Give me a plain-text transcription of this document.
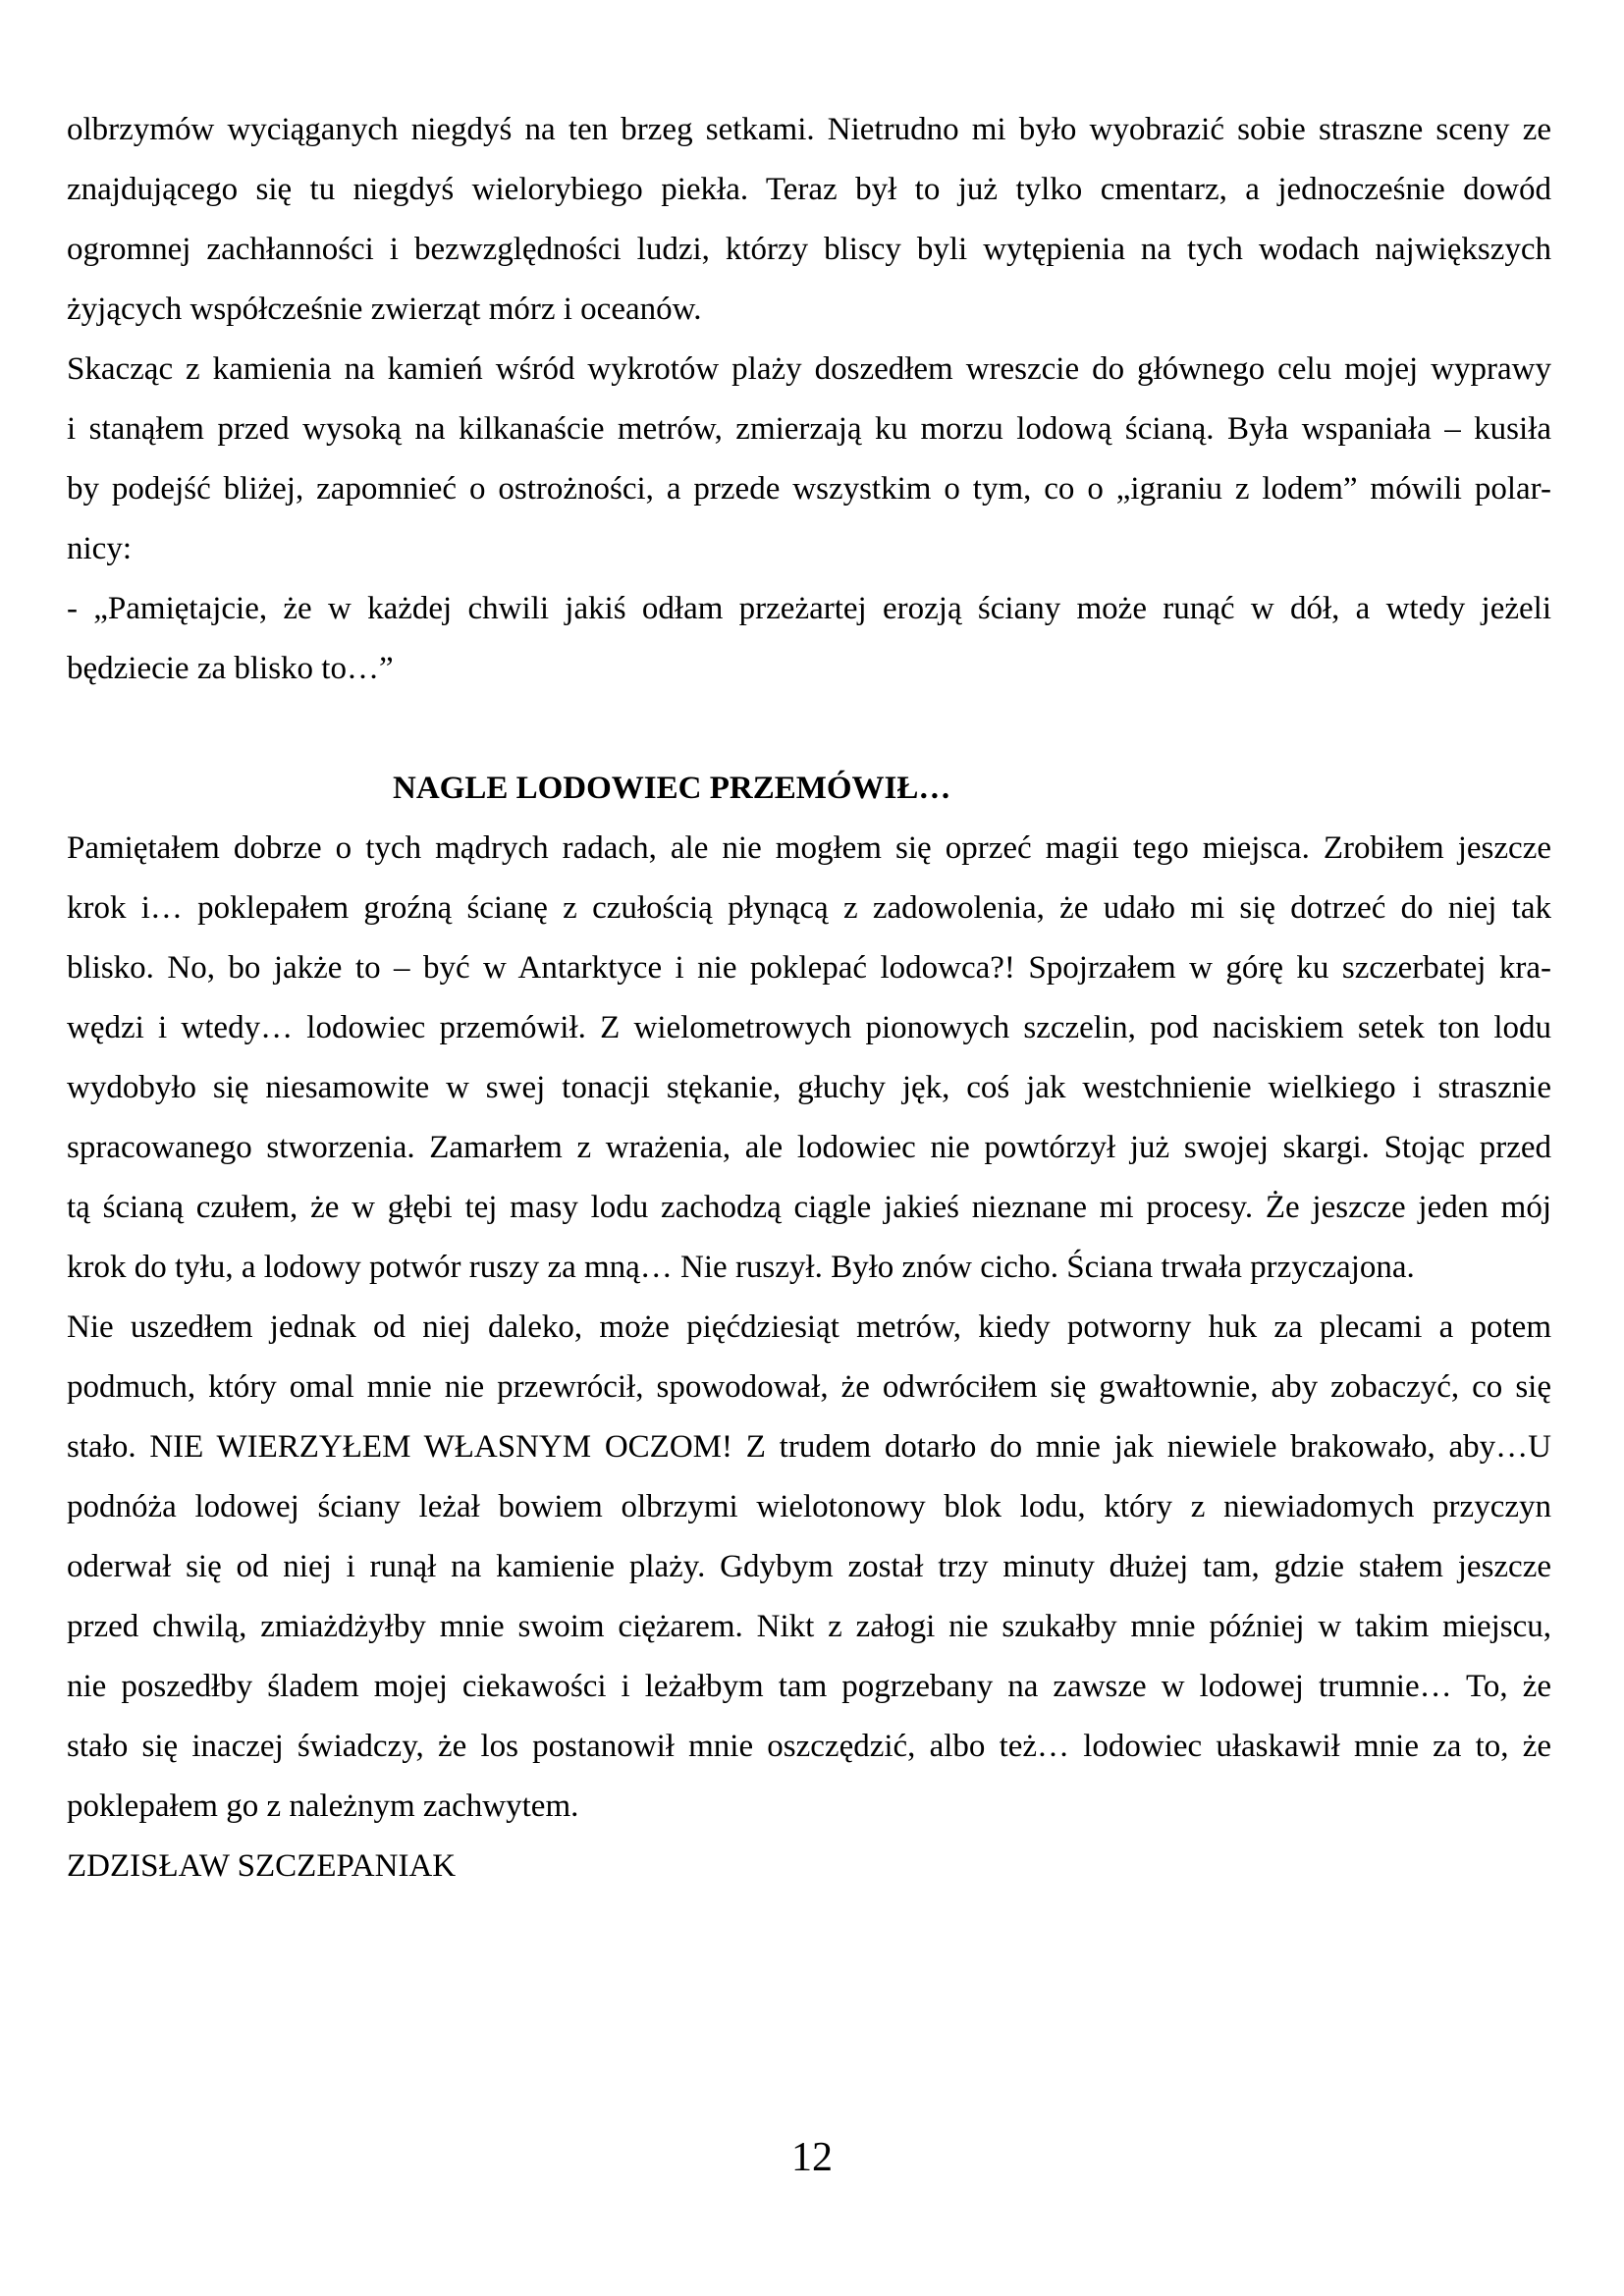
olbrzymów wyciąganych niegdyś na ten brzeg setkami. Nietrudno mi było wyobrazić sobie straszne sceny ze
znajdującego się tu niegdyś wielorybiego piekła. Teraz był to już tylko cmentarz, a jednocześnie dowód
ogromnej zachłanności i bezwzględności ludzi, którzy bliscy byli wytępienia na tych wodach największych
żyjących współcześnie zwierząt mórz i oceanów.
Skacząc z kamienia na kamień wśród wykrotów plaży doszedłem wreszcie do głównego celu mojej wyprawy
i stanąłem przed wysoką na kilkanaście metrów, zmierzają ku morzu lodową ścianą. Była wspaniała – kusiła
by podejść bliżej, zapomnieć o ostrożności, a przede wszystkim o tym, co o „igraniu z lodem” mówili polar-
nicy:
- „Pamiętajcie, że w każdej chwili jakiś odłam przeżartej erozją ściany może runąć w dół, a wtedy jeżeli
będziecie za blisko to…”
NAGLE LODOWIEC PRZEMÓWIŁ…
Pamiętałem dobrze o tych mądrych radach, ale nie mogłem się oprzeć magii tego miejsca. Zrobiłem jeszcze
krok i… poklepałem groźną ścianę z czułością płynącą z zadowolenia, że udało mi się dotrzeć do niej tak
blisko. No, bo jakże to – być w Antarktyce i nie poklepać lodowca?! Spojrzałem w górę ku szczerbatej kra-
wędzi i wtedy… lodowiec przemówił. Z wielometrowych pionowych szczelin, pod naciskiem setek ton lodu
wydobyło się niesamowite w swej tonacji stękanie, głuchy jęk, coś jak westchnienie wielkiego i strasznie
spracowanego stworzenia. Zamarłem z wrażenia, ale lodowiec nie powtórzył już swojej skargi. Stojąc przed
tą ścianą czułem, że w głębi tej masy lodu zachodzą ciągle jakieś nieznane mi procesy. Że jeszcze jeden mój
krok do tyłu, a lodowy potwór ruszy za mną… Nie ruszył. Było znów cicho. Ściana trwała przyczajona.
Nie uszedłem jednak od niej daleko, może pięćdziesiąt metrów, kiedy potworny huk za plecami a potem
podmuch, który omal mnie nie przewrócił, spowodował, że odwróciłem się gwałtownie, aby zobaczyć, co się
stało. NIE WIERZYŁEM WŁASNYM OCZOM! Z trudem dotarło do mnie jak niewiele brakowało, aby…U
podnóża lodowej ściany leżał bowiem olbrzymi wielotonowy blok lodu, który z niewiadomych przyczyn
oderwał się od niej i runął na kamienie plaży. Gdybym został trzy minuty dłużej tam, gdzie stałem jeszcze
przed chwilą, zmiażdżyłby mnie swoim ciężarem. Nikt z załogi nie szukałby mnie później w takim miejscu,
nie poszedłby śladem mojej ciekawości i leżałbym tam pogrzebany na zawsze w lodowej trumnie… To, że
stało się inaczej świadczy, że los postanowił mnie oszczędzić, albo też… lodowiec ułaskawił mnie za to, że
poklepałem go z należnym zachwytem.
ZDZISŁAW SZCZEPANIAK
12
